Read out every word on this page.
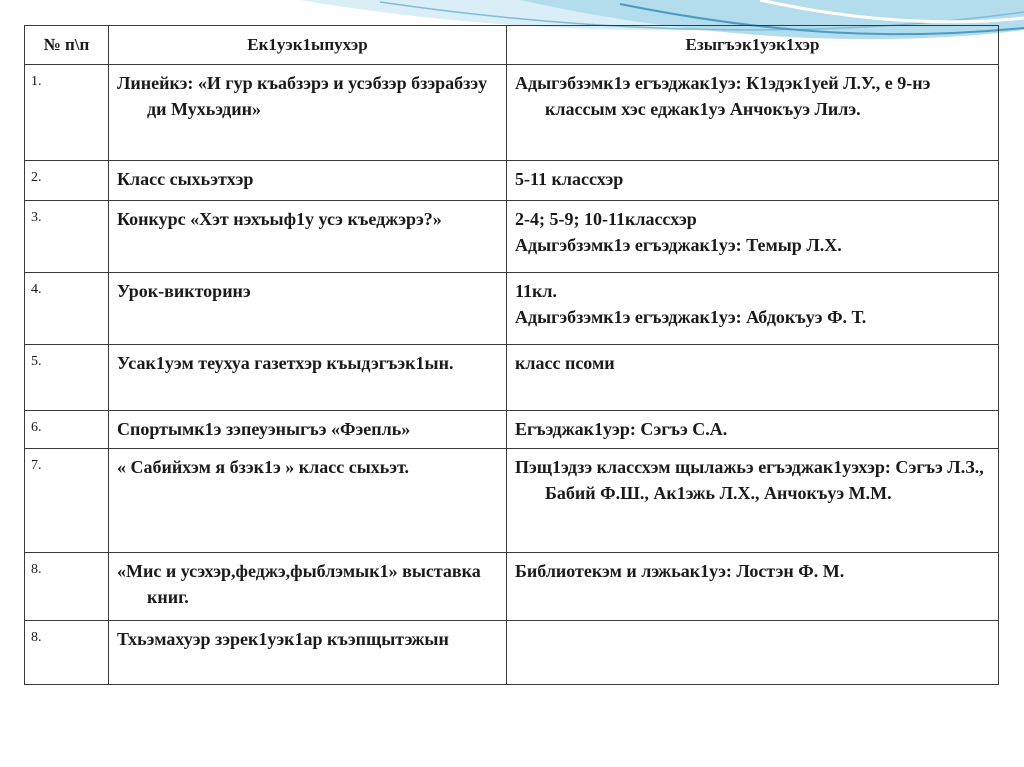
№ п\п	Ек1уэк1ыпухэр	Езыгъэк1уэк1хэр
1.	Линейкэ: «И гур къабзэрэ и усэбзэр бзэрабзэу ди Мухьэдин»	Адыгэбзэмк1э егъэджак1уэ: К1эдэк1уей Л.У., е 9-нэ классым хэс еджак1уэ Анчокъуэ Лилэ.

2.	Класс сыхьэтхэр	5-11 классхэр

3.	Конкурс «Хэт нэхъыф1у усэ къеджэрэ?»	2-4; 5-9; 10-11классхэр
Адыгэбзэмк1э егъэджак1уэ: Темыр Л.Х.

4.	Урок-викторинэ	11кл.
Адыгэбзэмк1э егъэджак1уэ: Абдокъуэ Ф. Т.

5.	Усак1уэм теухуа газетхэр къыдэгъэк1ын.	класс псоми

6.	Спортымк1э зэпеуэныгъэ «Фэепль»	Егъэджак1уэр: Сэгъэ С.А.

7.	« Сабийхэм я бзэк1э » класс сыхьэт.	Пэщ1эдзэ классхэм щылажьэ егъэджак1уэхэр: Сэгъэ Л.З., Бабий Ф.Ш., Ак1эжь Л.Х., Анчокъуэ М.М.

8.	«Мис и усэхэр,феджэ,фыблэмык1» выставка книг.	Библиотекэм и лэжьак1уэ: Лостэн Ф. М.

8.	Тхьэмахуэр зэрек1уэк1ар къэпщытэжын	
